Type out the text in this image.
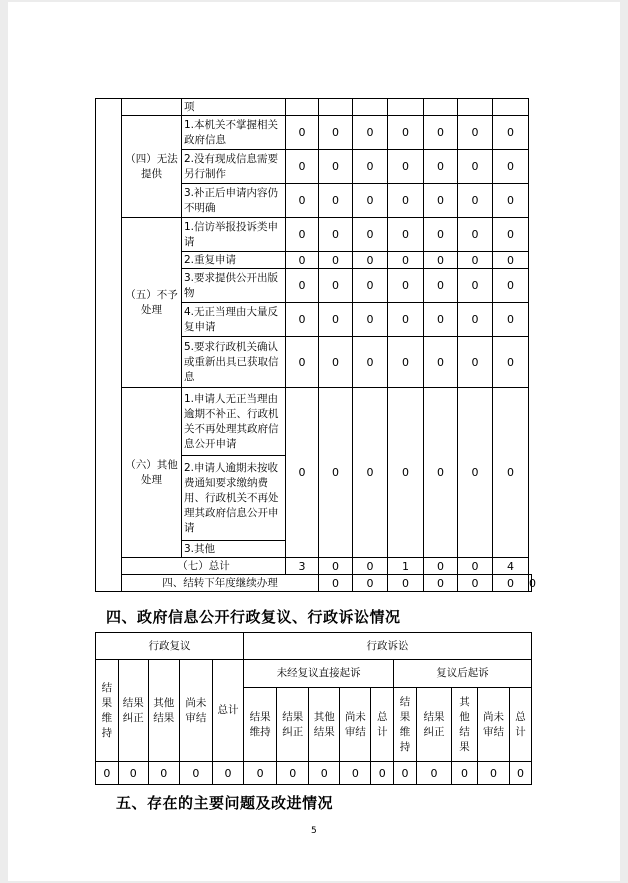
		项								
	（四）无法提供	1.本机关不掌握相关政府信息	0	0	0	0	0	0	0	
		2.没有现成信息需要另行制作	0	0	0	0	0	0	0	
		3.补正后申请内容仍不明确	0	0	0	0	0	0	0	
	（五）不予处理	1.信访举报投诉类申请	0	0	0	0	0	0	0	
		2.重复申请	0	0	0	0	0	0	0	
		3.要求提供公开出版物	0	0	0	0	0	0	0	
		4.无正当理由大量反复申请	0	0	0	0	0	0	0	
		5.要求行政机关确认或重新出具已获取信息	0	0	0	0	0	0	0	
	（六）其他处理	1.申请人无正当理由逾期不补正、行政机关不再处理其政府信息公开申请	0	0	0	0	0	0	0	
		2.申请人逾期未按收费通知要求缴纳费用、行政机关不再处理其政府信息公开申请								
		3.其他								
	（七）总计		3	0	0	1	0	0	4	
	四、结转下年度继续办理			0	0	0	0	0	0	0
四、政府信息公开行政复议、行政诉讼情况
行政复议					行政诉讼									
结果维持	结果纠正	其他结果	尚未审结	总计	未经复议直接起诉					复议后起诉				
					结果维持	结果纠正	其他结果	尚未审结	总计	结果维持	结果纠正	其他结果	尚未审结	总计
0	0	0	0	0	0	0	0	0	0	0	0	0	0	0
五、存在的主要问题及改进情况
5
